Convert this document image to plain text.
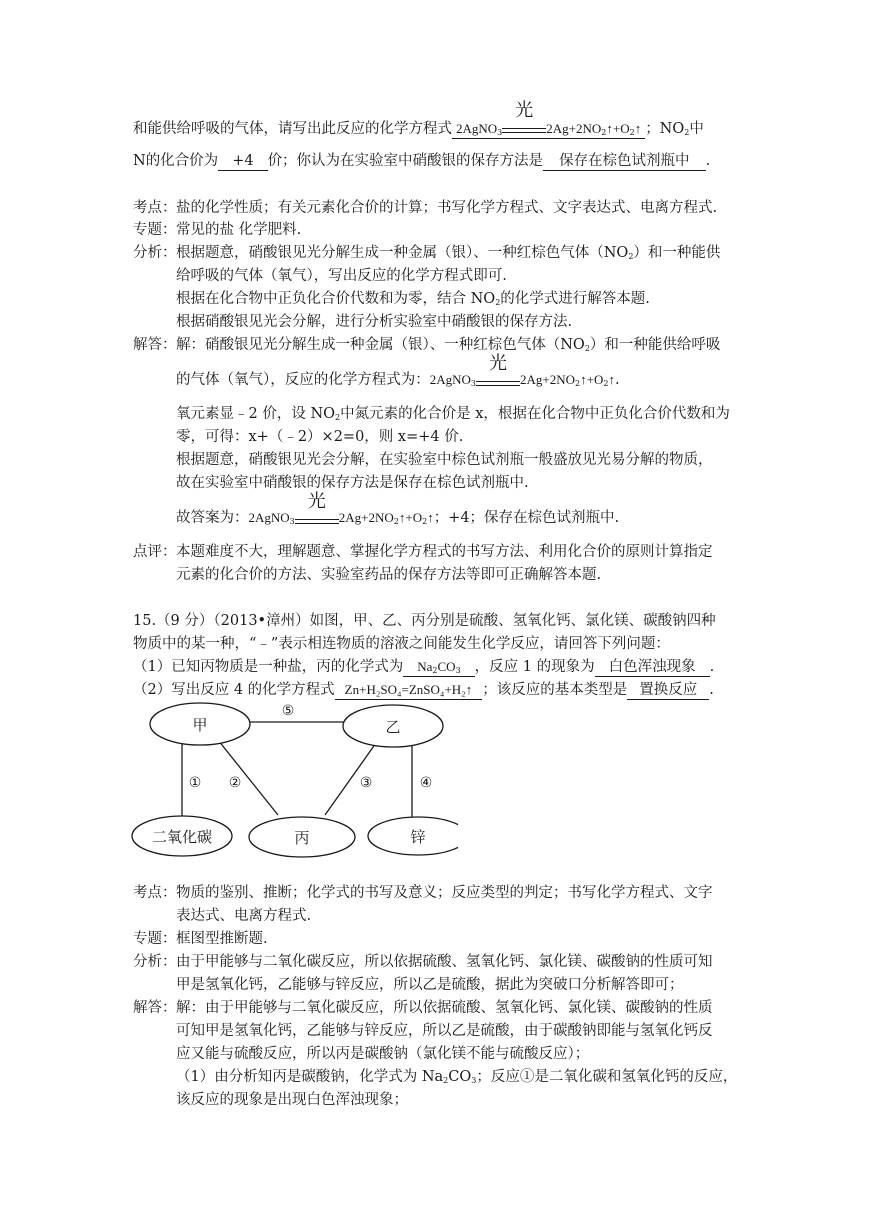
和能供给呼吸的气体，请写出此反应的化学方程式 2AgNO$_3$
光
$2Ag+2NO_2↑+O_2↑$ ；$NO_2$中
N的化合价为 +4 价；你认为在实验室中硝酸银的保存方法是 保存在棕色试剂瓶中 .
考点： 盐的化学性质；有关元素化合价的计算；书写化学方程式、文字表达式、电离方程式.
专题： 常见的盐 化学肥料.
分析： 根据题意，硝酸银见光分解生成一种金属（银）、一种红棕色气体$(NO_2)$和一种能供
给呼吸的气体（氧气），写出反应的化学方程式即可.
根据在化合物中正负化合价代数和为零，结合 $NO_2$的化学式进行解答本题.
根据硝酸银见光会分解，进行分析实验室中硝酸银的保存方法.
解答： 解：硝酸银见光分解生成一种金属（银）、一种红棕色气体$(NO_2)$和一种能供给呼吸
的气体（氧气），反应的化学方程式为：2AgNO$_3$
光
$2Ag+2NO_2↑+O_2↑$.
氧元素显﹣2 价，设 $NO_2$中氮元素的化合价是 x，根据在化合物中正负化合价代数和为
零，可得：x+（﹣2）×2=0，则 x=+4 价.
根据题意，硝酸银见光会分解，在实验室中棕色试剂瓶一般盛放见光易分解的物质，
故在实验室中硝酸银的保存方法是保存在棕色试剂瓶中.
故答案为：2AgNO$_3$
光
$2Ag+2NO_2↑+O_2↑$；+4；保存在棕色试剂瓶中.
点评： 本题难度不大，理解题意、掌握化学方程式的书写方法、利用化合价的原则计算指定
元素的化合价的方法、实验室药品的保存方法等即可正确解答本题.
15.（9 分）（2013•漳州）如图，甲、乙、丙分别是硫酸、氢氧化钙、氯化镁、碳酸钠四种
物质中的某一种，“﹣”表示相连物质的溶液之间能发生化学反应，请回答下列问题：
（1）已知丙物质是一种盐，丙的化学式为 $Na_2CO_3$ ，反应 1 的现象为 白色浑浊现象 .
（2）写出反应 4 的化学方程式 Zn+H₂SO₄=ZnSO₄+H₂↑ ；该反应的基本类型是 置换反应 .
甲	乙
二氧化碳	丙	锌
⑤
① ②	③	④
考点： 物质的鉴别、推断；化学式的书写及意义；反应类型的判定；书写化学方程式、文字
表达式、电离方程式.
专题： 框图型推断题.
分析： 由于甲能够与二氧化碳反应，所以依据硫酸、氢氧化钙、氯化镁、碳酸钠的性质可知
甲是氢氧化钙，乙能够与锌反应，所以乙是硫酸，据此为突破口分析解答即可；
解答： 解：由于甲能够与二氧化碳反应，所以依据硫酸、氢氧化钙、氯化镁、碳酸钠的性质
可知甲是氢氧化钙，乙能够与锌反应，所以乙是硫酸，由于碳酸钠即能与氢氧化钙反
应又能与硫酸反应，所以丙是碳酸钠（氯化镁不能与硫酸反应）；
（1）由分析知丙是碳酸钠，化学式为 $Na_2CO_3$；反应①是二氧化碳和氢氧化钙的反应，
该反应的现象是出现白色浑浊现象；
